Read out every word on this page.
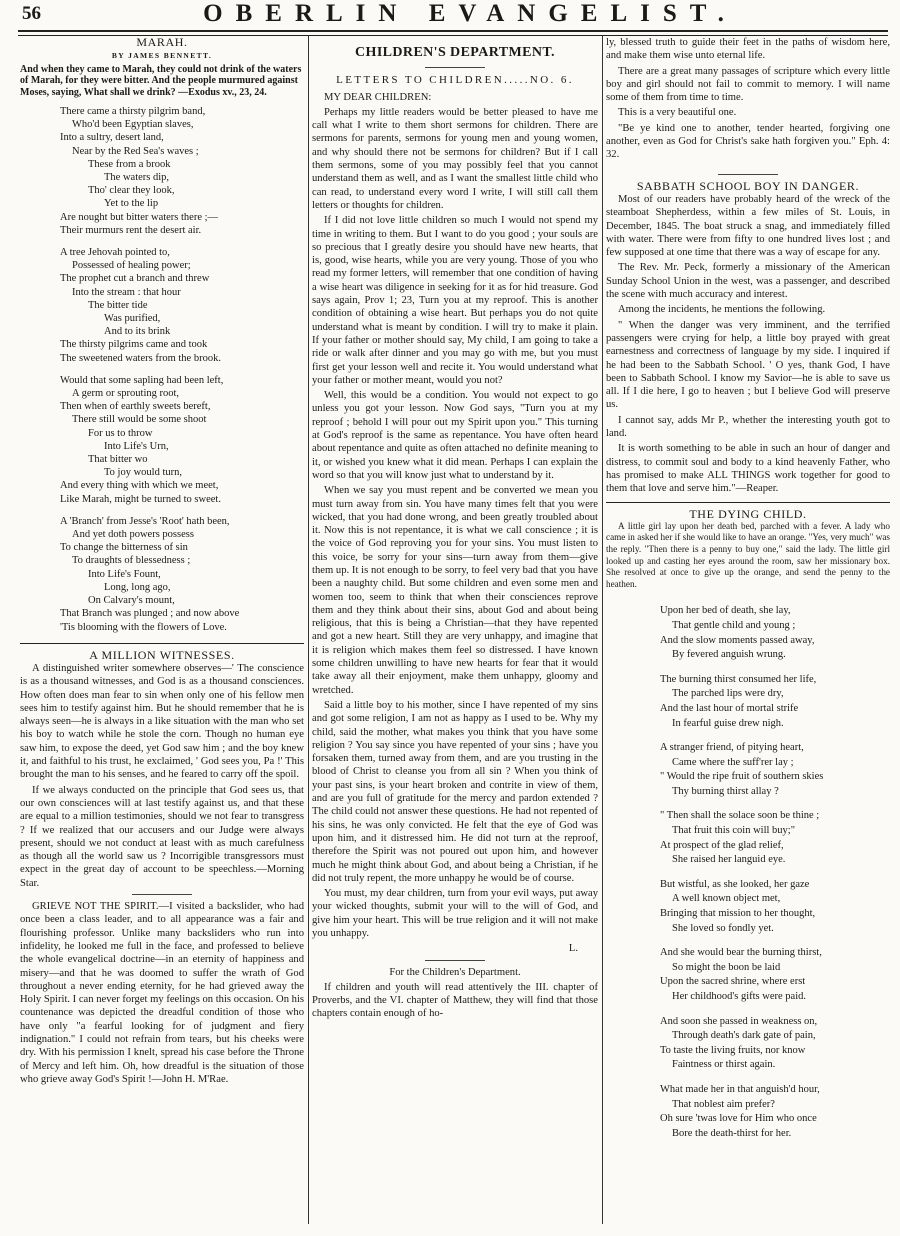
56	OBERLIN EVANGELIST.
MARAH.
BY JAMES BENNETT.
And when they came to Marah, they could not drink of the waters of Marah, for they were bitter. And the people murmured against Moses, saying, What shall we drink? —Exodus xv., 23, 24.
There came a thirsty pilgrim band,
Who'd been Egyptian slaves,
Into a sultry, desert land,
Near by the Red Sea's waves ;
These from a brook
The waters dip,
Tho' clear they look,
Yet to the lip
Are nought but bitter waters there ;—
Their murmurs rent the desert air.
A tree Jehovah pointed to,
Possessed of healing power;
The prophet cut a branch and threw
Into the stream : that hour
The bitter tide
Was purified,
And to its brink
The thirsty pilgrims came and took
The sweetened waters from the brook.
Would that some sapling had been left,
A germ or sprouting root,
Then when of earthly sweets bereft,
There still would be some shoot
For us to throw
Into Life's Urn,
That bitter wo
To joy would turn,
And every thing with which we meet,
Like Marah, might be turned to sweet.
A 'Branch' from Jesse's 'Root' hath been,
And yet doth powers possess
To change the bitterness of sin
To draughts of blessedness ;
Into Life's Fount,
Long, long ago,
On Calvary's mount,
That Branch was plunged ; and now above
'Tis blooming with the flowers of Love.
A MILLION WITNESSES.

A distinguished writer somewhere observes—' The conscience is as a thousand witnesses, and God is as a thousand consciences. How often does man fear to sin when only one of his fellow men sees him to testify against him. But he should remember that he is always seen—he is always in a like situation with the man who set his boy to watch while he stole the corn. Though no human eye saw him, to expose the deed, yet God saw him ; and the boy knew it, and faithful to his trust, he exclaimed, ' God sees you, Pa !' This brought the man to his senses, and he feared to carry off the spoil.

If we always conducted on the principle that God sees us, that our own consciences will at last testify against us, and that these are equal to a million testimonies, should we not fear to transgress ? If we realized that our accusers and our Judge were always present, should we not conduct at least with as much carefulness as though all the world saw us ? Incorrigible transgressors must expect in the great day of account to be speechless.—Morning Star.

GRIEVE NOT THE SPIRIT.—I visited a backslider, who had once been a class leader, and to all appearance was a fair and flourishing professor. Unlike many backsliders who run into infidelity, he looked me full in the face, and professed to believe the whole evangelical doctrine—in an eternity of happiness and misery—and that he was doomed to suffer the wrath of God throughout a never ending eternity, for he had grieved away the Holy Spirit. I can never forget my feelings on this occasion. On his countenance was depicted the dreadful condition of those who have only "a fearful looking for of judgment and fiery indignation." I could not refrain from tears, but his cheeks were dry. With his permission I knelt, spread his case before the Throne of Mercy and left him. Oh, how dreadful is the situation of those who grieve away God's Spirit !—John H. M'Rae.

CHILDREN'S DEPARTMENT.
LETTERS TO CHILDREN.....NO. 6.
MY DEAR CHILDREN:

Perhaps my little readers would be better pleased to have me call what I write to them short sermons for children. There are sermons for parents, sermons for young men and young women, and why should there not be sermons for children? But if I call them sermons, some of you may possibly feel that you cannot understand them as well, and as I want the smallest little child who can read, to understand every word I write, I will still call them letters or thoughts for children.

If I did not love little children so much I would not spend my time in writing to them. But I want to do you good ; your souls are so precious that I greatly desire you should have new hearts, that is, good, wise hearts, while you are very young. Those of you who read my former letters, will remember that one condition of having a wise heart was diligence in seeking for it as for hid treasure. God says again, Prov 1; 23, Turn you at my reproof. This is another condition of obtaining a wise heart. But perhaps you do not quite understand what is meant by condition. I will try to make it plain. If your father or mother should say, My child, I am going to take a ride or walk after dinner and you may go with me, but you must first get your lesson well and recite it. You would understand what your father or mother meant, would you not?

Well, this would be a condition. You would not expect to go unless you got your lesson. Now God says, "Turn you at my reproof ; behold I will pour out my Spirit upon you." This turning at God's reproof is the same as repentance. You have often heard about repentance and quite as often attached no definite meaning to it, or wished you knew what it did mean. Perhaps I can explain the word so that you will know just what to understand by it.

When we say you must repent and be converted we mean you must turn away from sin. You have many times felt that you were wicked, that you had done wrong, and been greatly troubled about it. Now this is not repentance, it is what we call conscience ; it is the voice of God reproving you for your sins. You must listen to this voice, be sorry for your sins—turn away from them—give them up. It is not enough to be sorry, to feel very bad that you have been a naughty child. But some children and even some men and women too, seem to think that when their consciences reprove them and they think about their sins, about God and about being religious, that this is being a Christian—that they have repented and got a new heart. Still they are very unhappy, and imagine that it is religion which makes them feel so distressed. I have known some children unwilling to have new hearts for fear that it would take away all their enjoyment, make them unhappy, gloomy and wretched.

Said a little boy to his mother, since I have repented of my sins and got some religion, I am not as happy as I used to be. Why my child, said the mother, what makes you think that you have some religion ? You say since you have repented of your sins ; have you forsaken them, turned away from them, and are you trusting in the blood of Christ to cleanse you from all sin ? When you think of your past sins, is your heart broken and contrite in view of them, and are you full of gratitude for the mercy and pardon extended ? The child could not answer these questions. He had not repented of his sins, he was only convicted. He felt that the eye of God was upon him, and it distressed him. He did not turn at the reproof, therefore the Spirit was not poured out upon him, and however much he might think about God, and about being a Christian, if he did not truly repent, the more unhappy he would be of course.

You must, my dear children, turn from your evil ways, put away your wicked thoughts, submit your will to the will of God, and give him your heart. This will be true religion and it will not make you unhappy.

L.
For the Children's Department.

If children and youth will read attentively the III. chapter of Proverbs, and the VI. chapter of Matthew, they will find that those chapters contain enough of ho-

ly, blessed truth to guide their feet in the paths of wisdom here, and make them wise unto eternal life.

There are a great many passages of scripture which every little boy and girl should not fail to commit to memory. I will name some of them from time to time.

This is a very beautiful one.

"Be ye kind one to another, tender hearted, forgiving one another, even as God for Christ's sake hath forgiven you." Eph. 4: 32.

SABBATH SCHOOL BOY IN DANGER.

Most of our readers have probably heard of the wreck of the steamboat Shepherdess, within a few miles of St. Louis, in December, 1845. The boat struck a snag, and immediately filled with water. There were from fifty to one hundred lives lost ; and few supposed at one time that there was a way of escape for any.

The Rev. Mr. Peck, formerly a missionary of the American Sunday School Union in the west, was a passenger, and described the scene with much accuracy and interest.

Among the incidents, he mentions the following.

" When the danger was very imminent, and the terrified passengers were crying for help, a little boy prayed with great earnestness and correctness of language by my side. I inquired if he had been to the Sabbath School. ' O yes, thank God, I have been to Sabbath School. I know my Savior—he is able to save us all. If I die here, I go to heaven ; but I believe God will preserve us.

I cannot say, adds Mr P., whether the interesting youth got to land.

It is worth something to be able in such an hour of danger and distress, to commit soul and body to a kind heavenly Father, who has promised to make ALL THINGS work together for good to them that love and serve him."—Reaper.

THE DYING CHILD.

A little girl lay upon her death bed, parched with a fever. A lady who came in asked her if she would like to have an orange. "Yes, very much" was the reply. "Then there is a penny to buy one," said the lady. The little girl looked up and casting her eyes around the room, saw her missionary box. She resolved at once to give up the orange, and send the penny to the heathen.

Upon her bed of death, she lay,
That gentle child and young ;
And the slow moments passed away,
By fevered anguish wrung.
The burning thirst consumed her life,
The parched lips were dry,
And the last hour of mortal strife
In fearful guise drew nigh.
A stranger friend, of pitying heart,
Came where the suff'rer lay ;
" Would the ripe fruit of southern skies
Thy burning thirst allay ?
" Then shall the solace soon be thine ;
That fruit this coin will buy;"
At prospect of the glad relief,
She raised her languid eye.
But wistful, as she looked, her gaze
A well known object met,
Bringing that mission to her thought,
She loved so fondly yet.
And she would bear the burning thirst,
So might the boon be laid
Upon the sacred shrine, where erst
Her childhood's gifts were paid.
And soon she passed in weakness on,
Through death's dark gate of pain,
To taste the living fruits, nor know
Faintness or thirst again.
What made her in that anguish'd hour,
That noblest aim prefer?
Oh sure 'twas love for Him who once
Bore the death-thirst for her.
